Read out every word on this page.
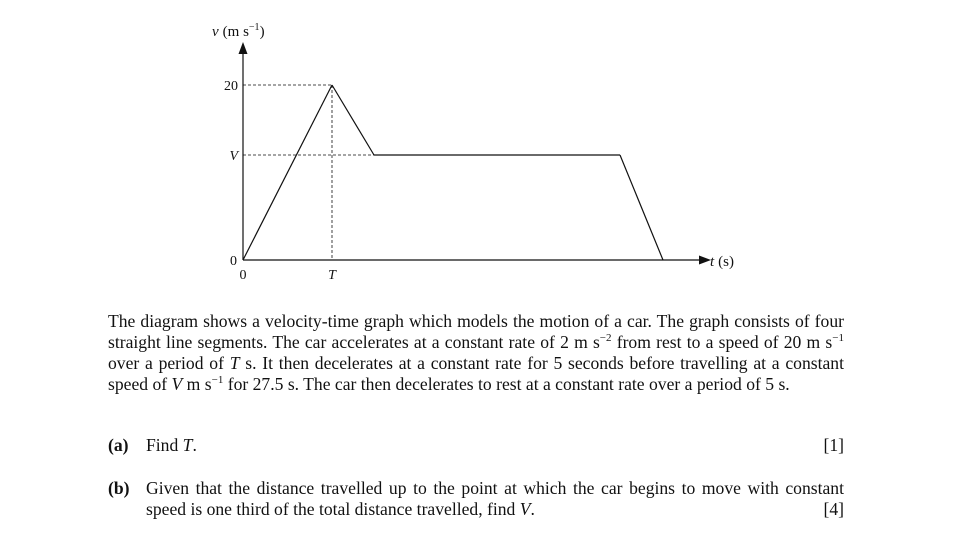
v (m $s^{-1}$)
t (s)
20
V
0
0	T

The diagram shows a velocity-time graph which models the motion of a car. The graph consists of four straight line segments. The car accelerates at a constant rate of 2 m $s^{-2}$ from rest to a speed of 20 m $s^{-1}$ over a period of T s. It then decelerates at a constant rate for 5 seconds before travelling at a constant speed of V m $s^{-1}$ for 27.5 s. The car then decelerates to rest at a constant rate over a period of 5 s.

(a) Find T.	[1]
(b) Given that the distance travelled up to the point at which the car begins to move with constant speed is one third of the total distance travelled, find V.	[4]
